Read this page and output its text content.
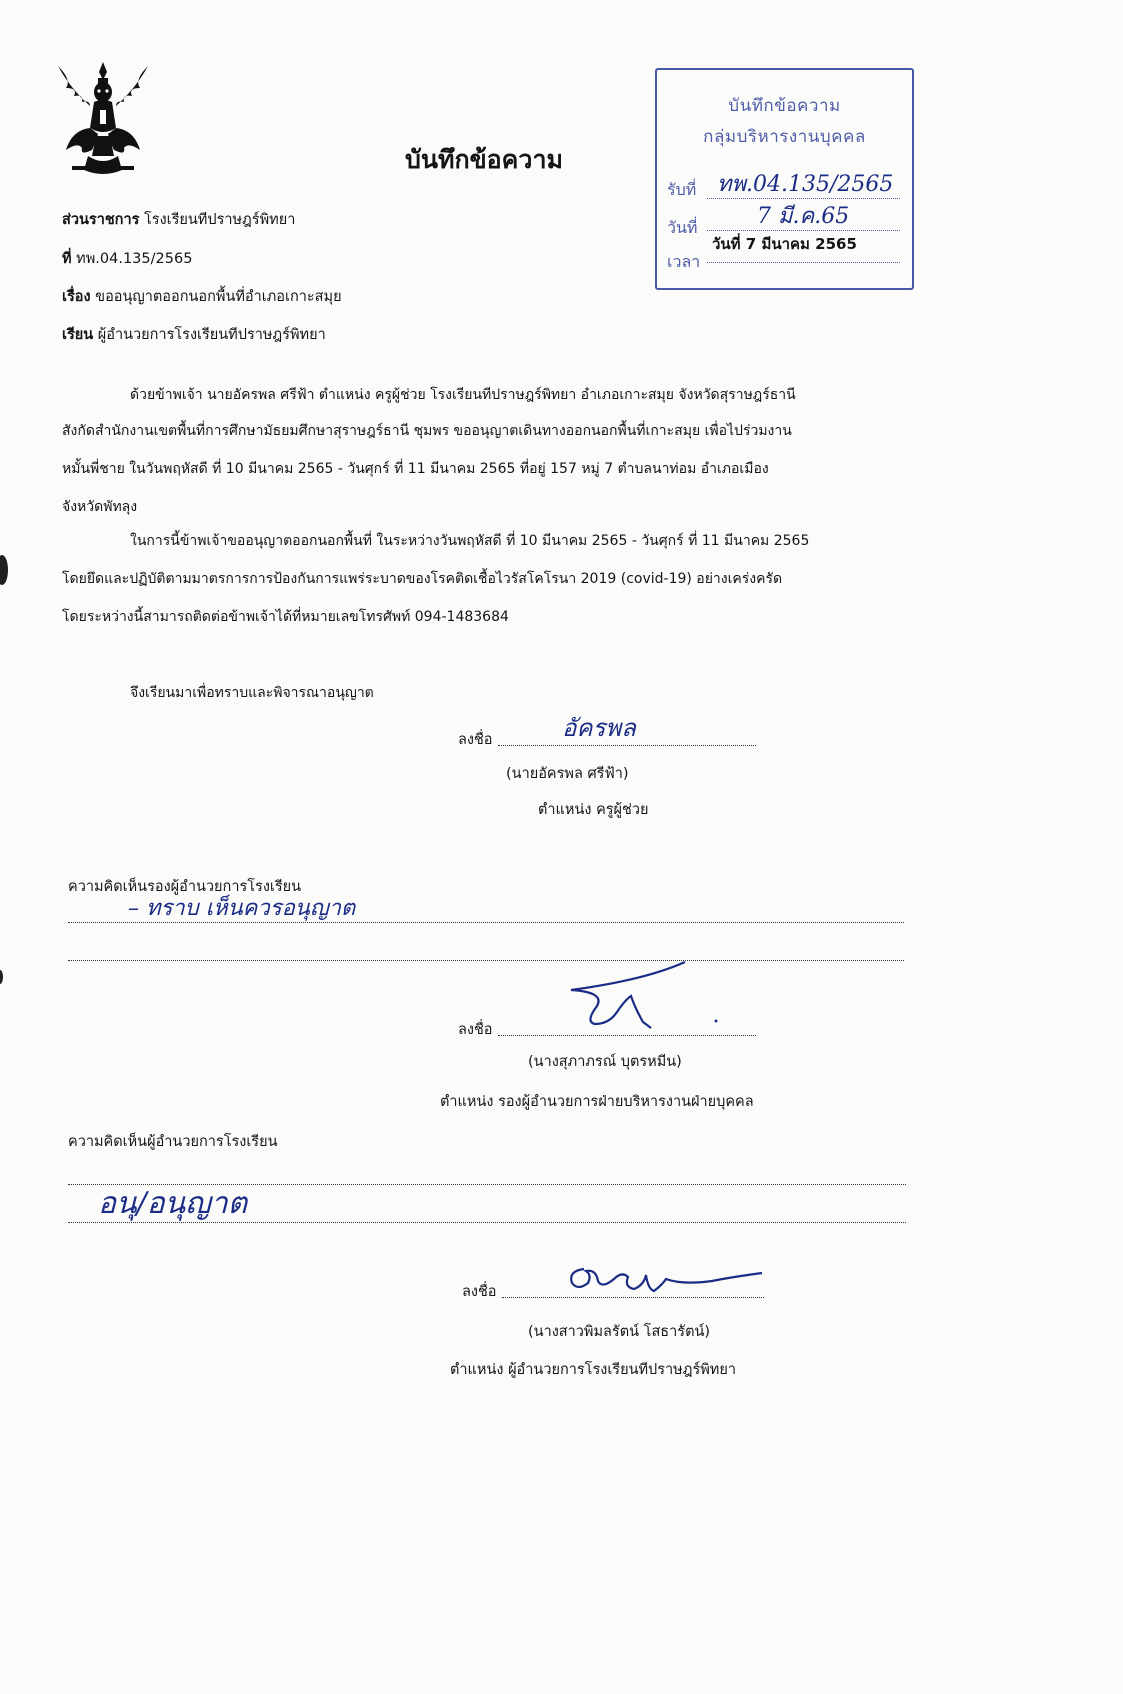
บันทึกข้อความ
บันทึกข้อความ
กลุ่มบริหารงานบุคคล
รับที่ ทพ.04.135/2565
วันที่	7 มี.ค.65
วันที่ 7 มีนาคม 2565
เวลา
ส่วนราชการ โรงเรียนทีปราษฎร์พิทยา
ที่ ทพ.04.135/2565
เรื่อง ขออนุญาตออกนอกพื้นที่อำเภอเกาะสมุย
เรียน ผู้อำนวยการโรงเรียนทีปราษฎร์พิทยา
ด้วยข้าพเจ้า นายอัครพล ศรีฟ้า ตำแหน่ง ครูผู้ช่วย โรงเรียนทีปราษฎร์พิทยา อำเภอเกาะสมุย จังหวัดสุราษฎร์ธานี
สังกัดสำนักงานเขตพื้นที่การศึกษามัธยมศึกษาสุราษฎร์ธานี ชุมพร ขออนุญาตเดินทางออกนอกพื้นที่เกาะสมุย เพื่อไปร่วมงาน
หมั้นพี่ชาย ในวันพฤหัสดี ที่ 10 มีนาคม 2565 - วันศุกร์ ที่ 11 มีนาคม 2565 ที่อยู่ 157 หมู่ 7 ตำบลนาท่อม อำเภอเมือง
จังหวัดพัทลุง
ในการนี้ข้าพเจ้าขออนุญาตออกนอกพื้นที่ ในระหว่างวันพฤหัสดี ที่ 10 มีนาคม 2565 - วันศุกร์ ที่ 11 มีนาคม 2565
โดยยึดและปฏิบัติตามมาตรการการป้องกันการแพร่ระบาดของโรคติดเชื้อไวรัสโคโรนา 2019 (covid-19) อย่างเคร่งครัด
โดยระหว่างนี้สามารถติดต่อข้าพเจ้าได้ที่หมายเลขโทรศัพท์ 094-1483684
จึงเรียนมาเพื่อทราบและพิจารณาอนุญาต
ลงชื่อ	อัครพล
(นายอัครพล ศรีฟ้า)
ตำแหน่ง ครูผู้ช่วย
ความคิดเห็นรองผู้อำนวยการโรงเรียน
– ทราบ เห็นควรอนุญาต
ลงชื่อ
(นางสุภาภรณ์ บุตรหมีน)
ตำแหน่ง รองผู้อำนวยการฝ่ายบริหารงานฝ่ายบุคคล
ความคิดเห็นผู้อำนวยการโรงเรียน
อนุ/อนุญาต
ลงชื่อ
(นางสาวพิมลรัตน์ โสธารัตน์)
ตำแหน่ง ผู้อำนวยการโรงเรียนทีปราษฎร์พิทยา
